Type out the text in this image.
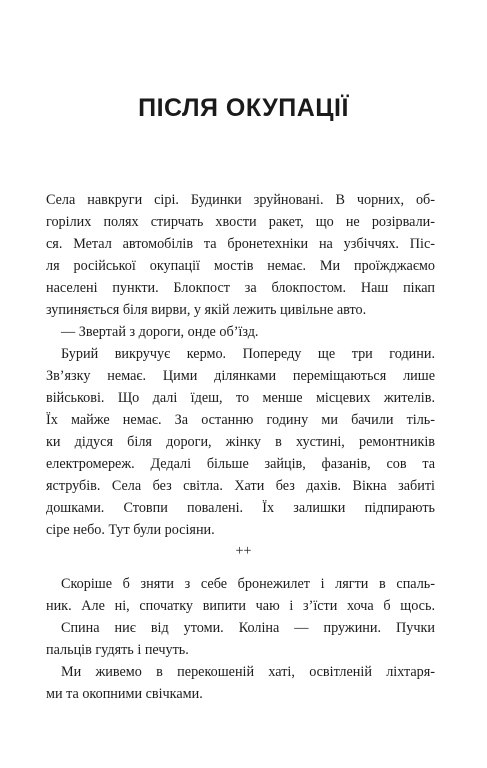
ПІСЛЯ ОКУПАЦІЇ
Села навкруги сірі. Будинки зруйновані. В чорних, об-
горілих полях стирчать хвости ракет, що не розірвали-
ся. Метал автомобілів та бронетехніки на узбіччях. Піс-
ля російської окупації мостів немає. Ми проїжджаємо
населені пункти. Блокпост за блокпостом. Наш пікап
зупиняється біля вирви, у якій лежить цивільне авто.
— Звертай з дороги, онде об’їзд.
Бурий викручує кермо. Попереду ще три години.
Зв’язку немає. Цими ділянками переміщаються лише
військові. Що далі їдеш, то менше місцевих жителів.
Їх майже немає. За останню годину ми бачили тіль-
ки дідуся біля дороги, жінку в хустині, ремонтників
електромереж. Дедалі більше зайців, фазанів, сов та
яструбів. Села без світла. Хати без дахів. Вікна забиті
дошками. Стовпи повалені. Їх залишки підпирають
сіре небо. Тут були росіяни.
++
Скоріше б зняти з себе бронежилет і лягти в спаль-
ник. Але ні, спочатку випити чаю і з’їсти хоча б щось.
Спина ниє від утоми. Коліна — пружини. Пучки
пальців гудять і печуть.
Ми живемо в перекошеній хаті, освітленій ліхтаря-
ми та окопними свічками.
